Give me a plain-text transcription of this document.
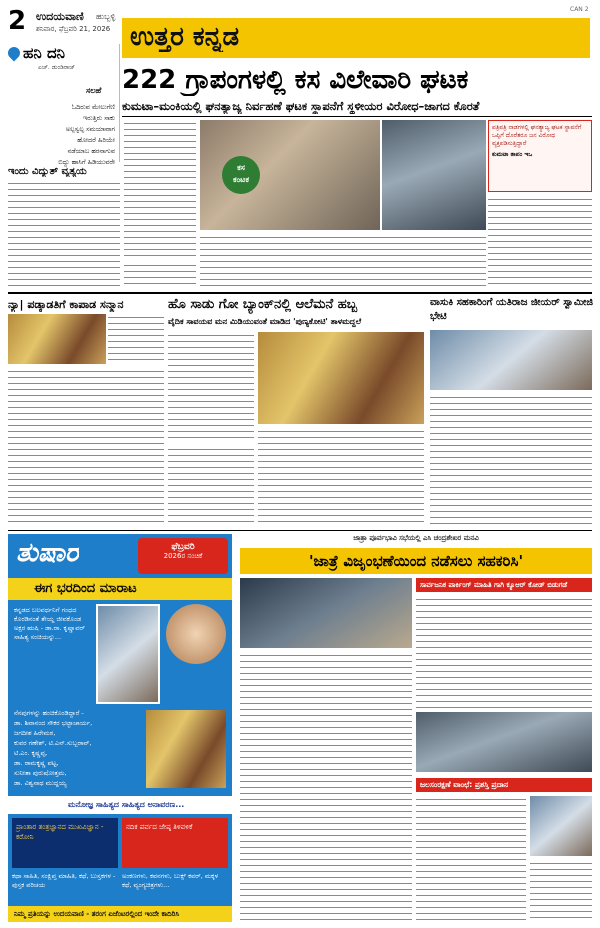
2 ಉದಯವಾಣಿ ಹುಬ್ಬಳ್ಳಿ
ಶನಿವಾರ, ಫೆಬ್ರವರಿ 21, 2026
CAN 2
ಉತ್ತರ ಕನ್ನಡ
ಹನಿ ದನಿ
ಎಚ್. ಡುಂಡಿರಾಜ್
ಸಲಹೆ
ಓದಿರುವ ಮೇಲುಗೆಣಿ
ಇರುತ್ತಿರು ಸಾಕು
ಅಲ್ಪಸ್ವಲ್ಪ ಸಮಯಾವಾಗ
ಹೋದರೆ ಹಿರಿಯೇ
ನಡೆಯಾಬ ಹರನಾಗುವ
ಬಿದ್ದು ಹಾಸಿಗೆ ಹಿಡಿಯುವರೇ
ಇಂದು ವಿದ್ಯುತ್ ವ್ಯತ್ಯಯ
222 ಗ್ರಾಪಂಗಳಲ್ಲಿ ಕಸ ವಿಲೇವಾರಿ ಘಟಕ
ಕುಮಟಾ–ಮಂಕಿಯಲ್ಲಿ ಘನತ್ಯಾಜ್ಯ ನಿರ್ವಹಣೆ ಘಟಕ ಸ್ಥಾಪನೆಗೆ ಸ್ಥಳೀಯರ ವಿರೋಧ–ಜಾಗದ ಕೊರತೆ
ಕಸ
ಕಂಟಕ
ಪತ್ರಿಪತ್ರಿ ನಾಡಗಳಲ್ಲಿ ಘನತ್ಯಾಜ್ಯ ಘಟಕ ಸ್ಥಾಪನೆಗೆ ಒಪ್ಪಿಗೆ ದೊರೆತರೂ ಜನ ವಿರೋಧ ವ್ಯಕ್ತಪಡಿಸುತ್ತಿದ್ದಾರೆ
ಕುಮಟಾ ತಾಪಂ ಇಒ
ನ್ಯಾ| ಪಡ್ಕಾಡತಿಗೆ ಕಾಪಾಡ ಸನ್ಮಾನ	ಹೊ ಸಾಡು ಗೋ ಬ್ಯಾಂಕ್‌ನಲ್ಲಿ ಆಲೆಮನೆ ಹಬ್ಬ
ವೈದಿಕ ಸಾವಯವ ಮನ ಮಿಡಿಯುವಂತೆ ಮಾಡಿದ 'ಪುಣ್ಯಕೋಟಿ' ತಾಳಮದ್ದಲೆ
ವಾಸುಕಿ ಸಹಕಾರಿಂಗೆ ಯತಿರಾಜ ಜೀಯರ್ ಸ್ವಾಮೀಜಿ ಭೇಟಿ
ತುಷಾರ	ಫೆಬ್ರವರಿ
2026ರ ಸಂಚಿಕೆ
ಈಗ ಭರದಿಂದ ಮಾರಾಟ
ಕನ್ನಡದ ಬಲವರ್ಧನಿಗೆ ಗಂಧದ ಕೊರಡಿನಂತೆ ತೇಯ್ದ ಜೀವಕೊಂಡ ಅಕ್ಷರ ಋಷಿ ‑ ಡಾ.ರಾ. ಕೃಷ್ಣಾವರ್ ಸಾಹಿತ್ಯ ಸಂಚಿಯನ್ನು...
ನೆನಪುಗಳನ್ನು ಹಂಚಿಕೊಂಡಿದ್ದಾರೆ -
ಡಾ. ಶಿವಾನಂದ ಸೌಕರ ಭಟ್ಟಾಚಾರ್ಯ,
ಜಗದೀಶ ಹಿರೇಮಠ,
ಕುವರ ಗಣೇಶ್, ಟಿ.ಎನ್.ಸುಬ್ಬರಾವ್,
ಟಿ.ಎಂ. ಕೃಷ್ಣಪ್ಪ,
ಡಾ. ರಾಮಕೃಷ್ಣ ಪಟ್ಟ,
ಸುನೀತಾ ಪುರುಷೋತ್ತಮ,
ಡಾ. ವಿಶ್ವನಾಥ ಮುದ್ದಯ್ಯ
ಮನೋಜ್ಞ ಸಾಹಿತ್ಯದ ಸಾಹಿತ್ಯದ ಅನಾವರಣ...
ಪ್ರಾಂತಾರ ತಂತ್ರಜ್ಞಾನದ ಮುಖವಿಜ್ಞಾನ - ಕರೋನಿ
ನದಿಕ ಪರ್ವದ ಜೇಷ್ಠ ತಿಳಿವಳಿಕೆ
ಕಥಾ ಸಾಹಿತಿ, ಸಂಕ್ಷಿಪ್ತ ಮಾಹಿತಿ, ಕಥೆ, ಬುಸ್ತಕಗಳ - ಪುಸ್ತಕ ಪರಿಚಯ
ಅಂಕಣಗಳು, ಕವನಗಳು, ಬುಕ್ಸ್ ಕವರ್, ಮಕ್ಕಳ ಕಥೆ, ವ್ಯಂಗ್ಯಚಿತ್ರಗಳು...
ನಿಮ್ಮ ಪ್ರತಿಯನ್ನು ಉದಯವಾಣಿ - ತರಂಗ ಏಜೆಂಟರಲ್ಲಿಂದ ಇಂದೇ ಕಾದಿರಿಸಿ
ಜಾತ್ರಾ ಪೂರ್ವಭಾವಿ ಸಭೆಯಲ್ಲಿ ಎಸಿ ಚಂದ್ರಶೇಖರ ಮನವಿ
'ಜಾತ್ರೆ ವಿಜೃಂಭಣೆಯಿಂದ ನಡೆಸಲು ಸಹಕರಿಸಿ'
ಸಾರ್ವಜನಿಕ ಪಾರ್ಕಿಂಗ್ ಮಾಹಿತಿ ಗಾಗಿ ಕ್ಯೂಆರ್ ಕೋಡ್ ಬಿಡುಗಡೆ
ಜಲಸಂರಕ್ಷಣೆ ವಾಂಛೆ: ಪ್ರಶಸ್ತಿ ಪ್ರದಾನ
